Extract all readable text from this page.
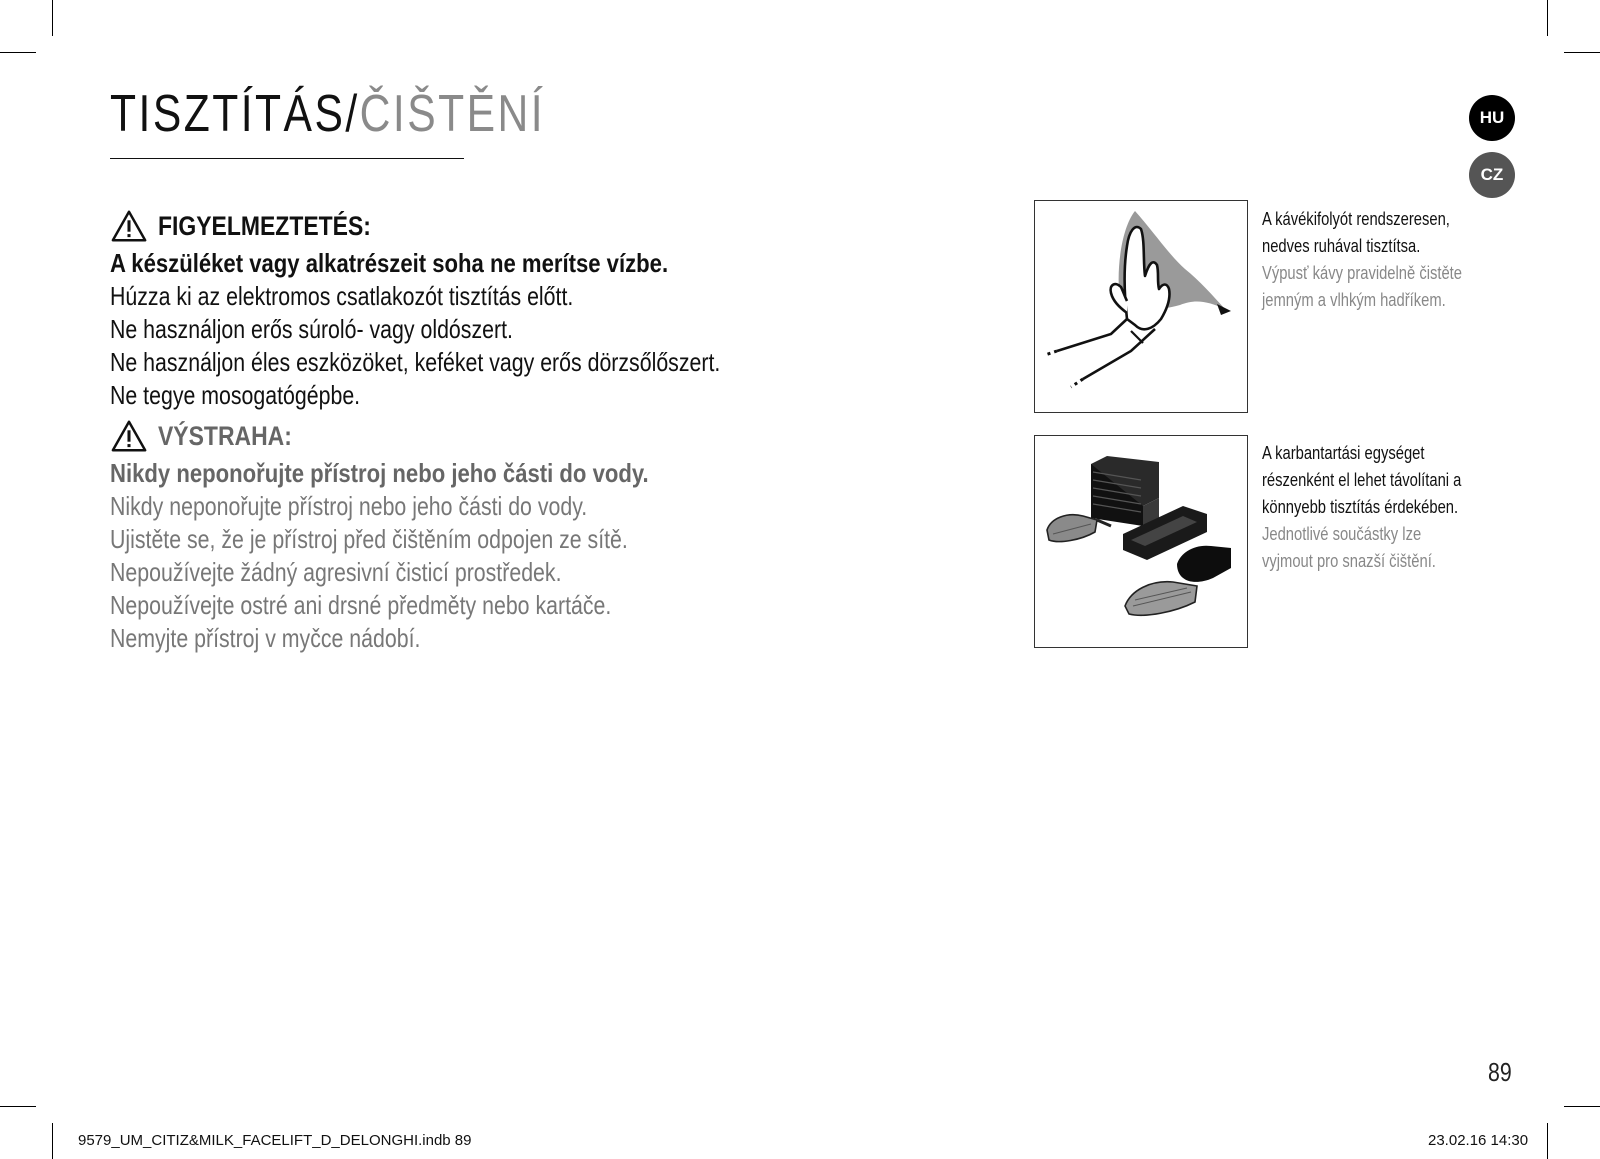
TISZTÍTÁS/ČIŠTĚNÍ	HU
CZ
FIGYELMEZTETÉS:
A készüléket vagy alkatrészeit soha ne merítse vízbe.
Húzza ki az elektromos csatlakozót tisztítás előtt.
Ne használjon erős súroló- vagy oldószert.
Ne használjon éles eszközöket, keféket vagy erős dörzsőlőszert.
Ne tegye mosogatógépbe.
VÝSTRAHA:
Nikdy neponořujte přístroj nebo jeho části do vody.
Nikdy neponořujte přístroj nebo jeho části do vody.
Ujistěte se, že je přístroj před čištěním odpojen ze sítě.
Nepoužívejte žádný agresivní čisticí prostředek.
Nepoužívejte ostré ani drsné předměty nebo kartáče.
Nemyjte přístroj v myčce nádobí.
A kávékifolyót rendszeresen,
nedves ruhával tisztítsa.
Výpusť kávy pravidelně čistěte
jemným a vlhkým hadříkem.
A karbantartási egységet
részenként el lehet távolítani a
könnyebb tisztítás érdekében.
Jednotlivé součástky lze
vyjmout pro snazší čištění.
89
9579_UM_CITIZ&MILK_FACELIFT_D_DELONGHI.indb 89	23.02.16 14:30
